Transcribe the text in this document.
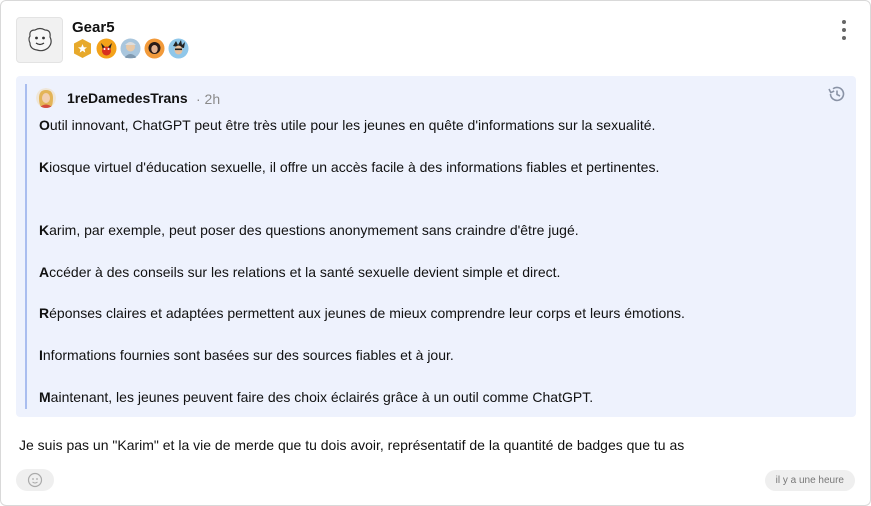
Gear5
1reDamedesTrans · 2h
Outil innovant, ChatGPT peut être très utile pour les jeunes en quête d'informations sur la sexualité.
Kiosque virtuel d'éducation sexuelle, il offre un accès facile à des informations fiables et pertinentes.
Karim, par exemple, peut poser des questions anonymement sans craindre d'être jugé.
Accéder à des conseils sur les relations et la santé sexuelle devient simple et direct.
Réponses claires et adaptées permettent aux jeunes de mieux comprendre leur corps et leurs émotions.
Informations fournies sont basées sur des sources fiables et à jour.
Maintenant, les jeunes peuvent faire des choix éclairés grâce à un outil comme ChatGPT.
Je suis pas un "Karim" et la vie de merde que tu dois avoir, représentatif de la quantité de badges que tu as
il y a une heure
